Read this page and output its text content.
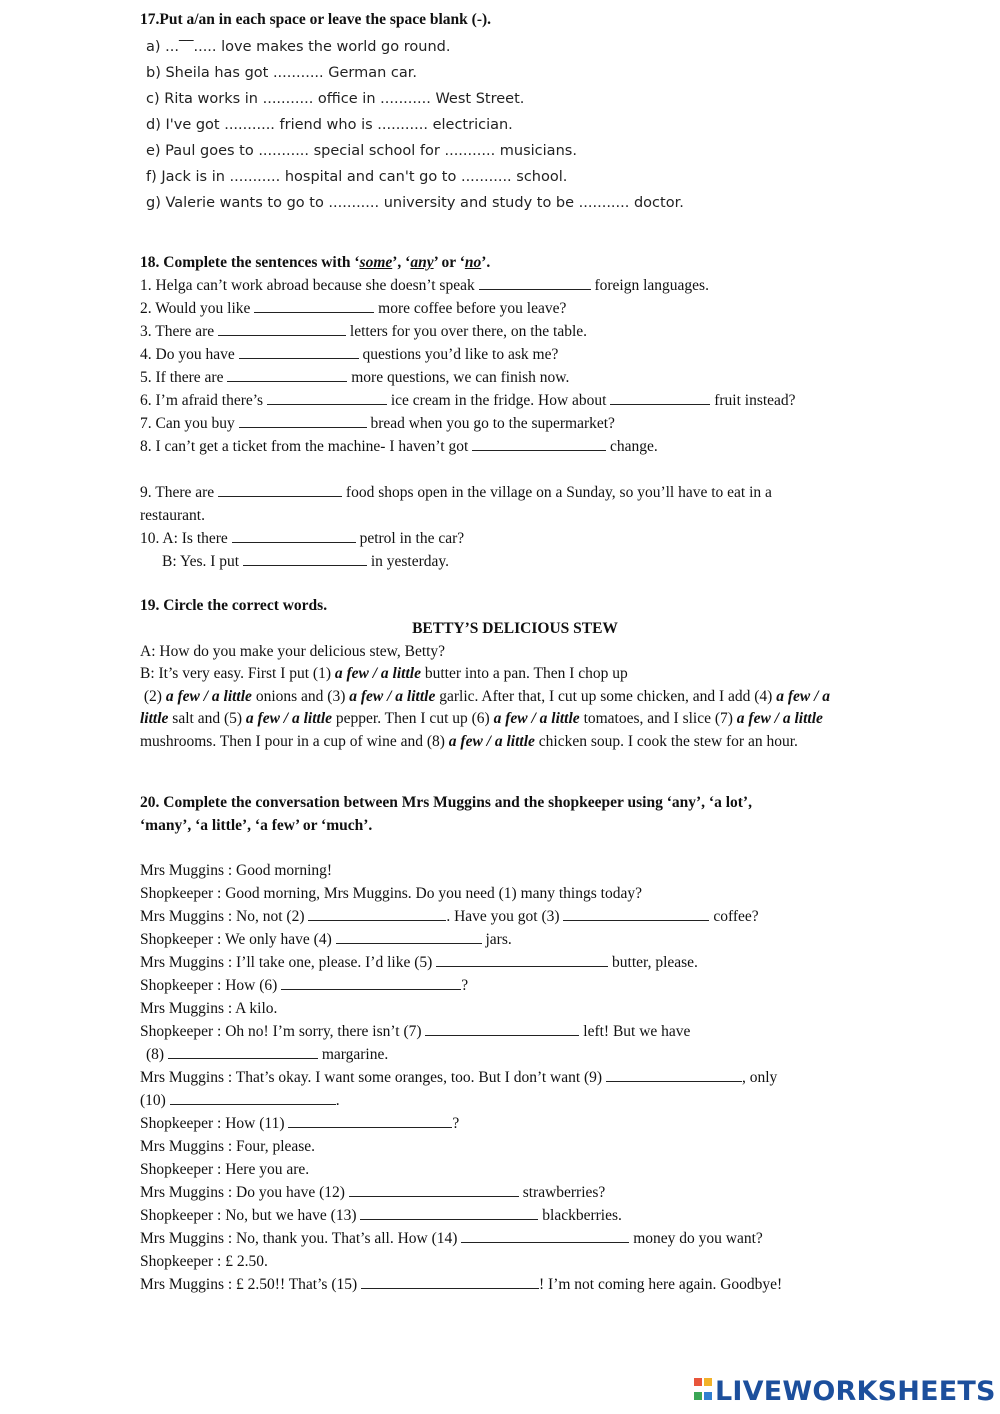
17.Put a/an in each space or leave the space blank (-).
a) ...‾‾..... love makes the world go round.
b) Sheila has got ........... German car.
c) Rita works in ........... office in ........... West Street.
d) I've got ........... friend who is ........... electrician.
e) Paul goes to ........... special school for ........... musicians.
f) Jack is in ........... hospital and can't go to ........... school.
g) Valerie wants to go to ........... university and study to be ........... doctor.
18. Complete the sentences with ‘some’, ‘any’ or ‘no’.
1. Helga can’t work abroad because she doesn’t speak	foreign languages.
2. Would you like	more coffee before you leave?
3. There are	letters for you over there, on the table.
4. Do you have	questions you’d like to ask me?
5. If there are	more questions, we can finish now.
6. I’m afraid there’s	ice cream in the fridge. How about	fruit instead?
7. Can you buy	bread when you go to the supermarket?
8. I can’t get a ticket from the machine- I haven’t got	change.
9. There are	food shops open in the village on a Sunday, so you’ll have to eat in a
restaurant.
10. A: Is there	petrol in the car?
B: Yes. I put	in yesterday.
19. Circle the correct words.
BETTY’S DELICIOUS STEW
A: How do you make your delicious stew, Betty?
B: It’s very easy. First I put (1) a few / a little butter into a pan. Then I chop up
(2) a few / a little onions and (3) a few / a little garlic. After that, I cut up some chicken, and I add (4) a few / a little salt and (5) a few / a little pepper. Then I cut up (6) a few / a little tomatoes, and I slice (7) a few / a little mushrooms. Then I pour in a cup of wine and (8) a few / a little chicken soup. I cook the stew for an hour.
20. Complete the conversation between Mrs Muggins and the shopkeeper using ‘any’, ‘a lot’,
‘many’, ‘a little’, ‘a few’ or ‘much’.
Mrs Muggins : Good morning!
Shopkeeper : Good morning, Mrs Muggins. Do you need (1) many things today?
Mrs Muggins : No, not (2)	. Have you got (3)	coffee?
Shopkeeper : We only have (4)	jars.
Mrs Muggins : I’ll take one, please. I’d like (5)	butter, please.
Shopkeeper : How (6)	?
Mrs Muggins : A kilo.
Shopkeeper : Oh no! I’m sorry, there isn’t (7)	left! But we have
(8)	margarine.
Mrs Muggins : That’s okay. I want some oranges, too. But I don’t want (9)	, only
(10)	.
Shopkeeper : How (11)	?
Mrs Muggins : Four, please.
Shopkeeper : Here you are.
Mrs Muggins : Do you have (12)	strawberries?
Shopkeeper : No, but we have (13)	blackberries.
Mrs Muggins : No, thank you. That’s all. How (14)	money do you want?
Shopkeeper : £ 2.50.
Mrs Muggins : £ 2.50!! That’s (15)	! I’m not coming here again. Goodbye!
LIVEWORKSHEETS
